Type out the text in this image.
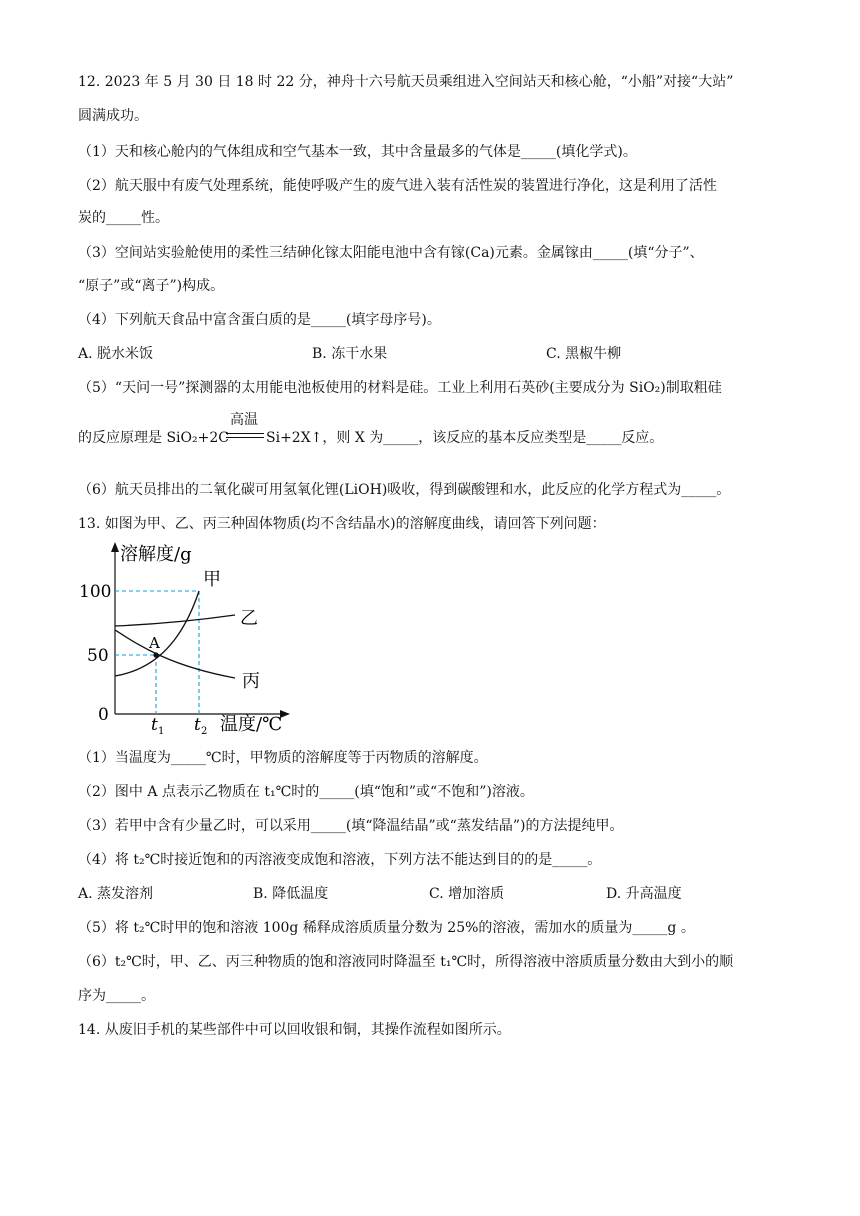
12. 2023 年 5 月 30 日 18 时 22 分，神舟十六号航天员乘组进入空间站天和核心舱，“小船”对接“大站”
圆满成功。
（1）天和核心舱内的气体组成和空气基本一致，其中含量最多的气体是_____(填化学式)。
（2）航天服中有废气处理系统，能使呼吸产生的废气进入装有活性炭的装置进行净化，这是利用了活性
炭的_____性。
（3）空间站实验舱使用的柔性三结砷化镓太阳能电池中含有镓(Ca)元素。金属镓由_____(填“分子”、
“原子”或“离子”)构成。
（4）下列航天食品中富含蛋白质的是_____(填字母序号)。
A. 脱水米饭	B. 冻干水果	C. 黑椒牛柳
（5）“天问一号”探测器的太用能电池板使用的材料是硅。工业上利用石英砂(主要成分为 SiO₂)制取粗硅
的反应原理是 SiO₂+2C
高温
Si+2X↑，则 X 为_____，该反应的基本反应类型是_____反应。
（6）航天员排出的二氧化碳可用氢氧化锂(LiOH)吸收，得到碳酸锂和水，此反应的化学方程式为_____。
13. 如图为甲、乙、丙三种固体物质(均不含结晶水)的溶解度曲线，请回答下列问题：
A
溶解度/g
温度/℃
0
100
50
t 1 t 2
甲
乙
丙
（1）当温度为_____℃时，甲物质的溶解度等于丙物质的溶解度。
（2）图中 A 点表示乙物质在 t₁℃时的_____(填“饱和”或“不饱和”)溶液。
（3）若甲中含有少量乙时，可以采用_____(填“降温结晶”或“蒸发结晶”)的方法提纯甲。
（4）将 t₂℃时接近饱和的丙溶液变成饱和溶液，下列方法不能达到目的的是_____。
A. 蒸发溶剂	B. 降低温度	C. 增加溶质	D. 升高温度
（5）将 t₂℃时甲的饱和溶液 100g 稀释成溶质质量分数为 25%的溶液，需加水的质量为_____g 。
（6）t₂℃时，甲、乙、丙三种物质的饱和溶液同时降温至 t₁℃时，所得溶液中溶质质量分数由大到小的顺
序为_____。
14. 从废旧手机的某些部件中可以回收银和铜，其操作流程如图所示。
